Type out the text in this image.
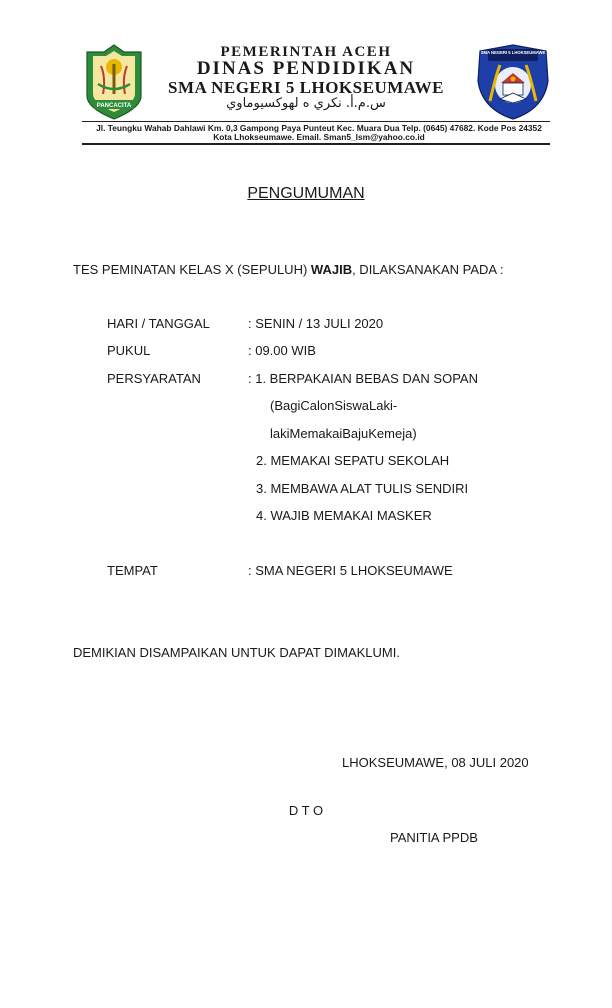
PANCACITA
SMA NEGERI 5 LHOKSEUMAWE
PEMERINTAH ACEH
DINAS PENDIDIKAN
SMA NEGERI 5 LHOKSEUMAWE
س.م.أ. نكري ه لهوكسيوماوي
Jl. Teungku Wahab Dahlawi Km. 0,3 Gampong Paya Punteut Kec. Muara Dua Telp. (0645) 47682. Kode Pos 24352
Kota Lhokseumawe. Email. Sman5_lsm@yahoo.co.id
PENGUMUMAN
TES PEMINATAN KELAS X (SEPULUH) WAJIB, DILAKSANAKAN PADA :
HARI / TANGGAL	: SENIN / 13 JULI 2020
PUKUL	: 09.00 WIB
PERSYARATAN	: 1. BERPAKAIAN BEBAS DAN SOPAN
(BagiCalonSiswaLaki-
lakiMemakaiBajuKemeja)
2. MEMAKAI SEPATU SEKOLAH
3. MEMBAWA ALAT TULIS SENDIRI
4. WAJIB MEMAKAI MASKER
TEMPAT	: SMA NEGERI 5 LHOKSEUMAWE
DEMIKIAN DISAMPAIKAN UNTUK DAPAT DIMAKLUMI.
LHOKSEUMAWE, 08 JULI 2020
D T O
PANITIA PPDB
